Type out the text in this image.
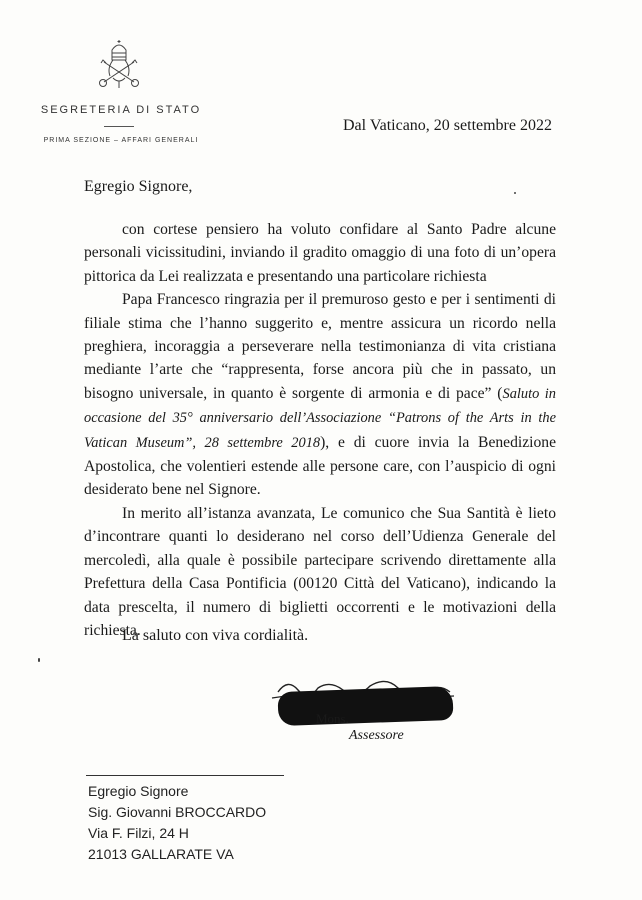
SEGRETERIA DI STATO
PRIMA SEZIONE – AFFARI GENERALI
Dal Vaticano, 20 settembre 2022
Egregio Signore,

con cortese pensiero ha voluto confidare al Santo Padre alcune personali vicissitudini, inviando il gradito omaggio di una foto di un’opera pittorica da Lei realizzata e presentando una particolare richiesta

Papa Francesco ringrazia per il premuroso gesto e per i sentimenti di filiale stima che l’hanno suggerito e, mentre assicura un ricordo nella preghiera, incoraggia a perseverare nella testimonianza di vita cristiana mediante l’arte che “rappresenta, forse ancora più che in passato, un bisogno universale, in quanto è sorgente di armonia e di pace” (Saluto in occasione del 35° anniversario dell’Associazione “Patrons of the Arts in the Vatican Museum”, 28 settembre 2018), e di cuore invia la Benedizione Apostolica, che volentieri estende alle persone care, con l’auspicio di ogni desiderato bene nel Signore.

In merito all’istanza avanzata, Le comunico che Sua Santità è lieto d’incontrare quanti lo desiderano nel corso dell’Udienza Generale del mercoledì, alla quale è possibile partecipare scrivendo direttamente alla Prefettura della Casa Pontificia (00120 Città del Vaticano), indicando la data prescelta, il numero di biglietti occorrenti e le motivazioni della richiesta.

La saluto con viva cordialità.
Mons.
Assessore
Egregio Signore
Sig. Giovanni BROCCARDO
Via F. Filzi, 24 H
21013 GALLARATE VA
